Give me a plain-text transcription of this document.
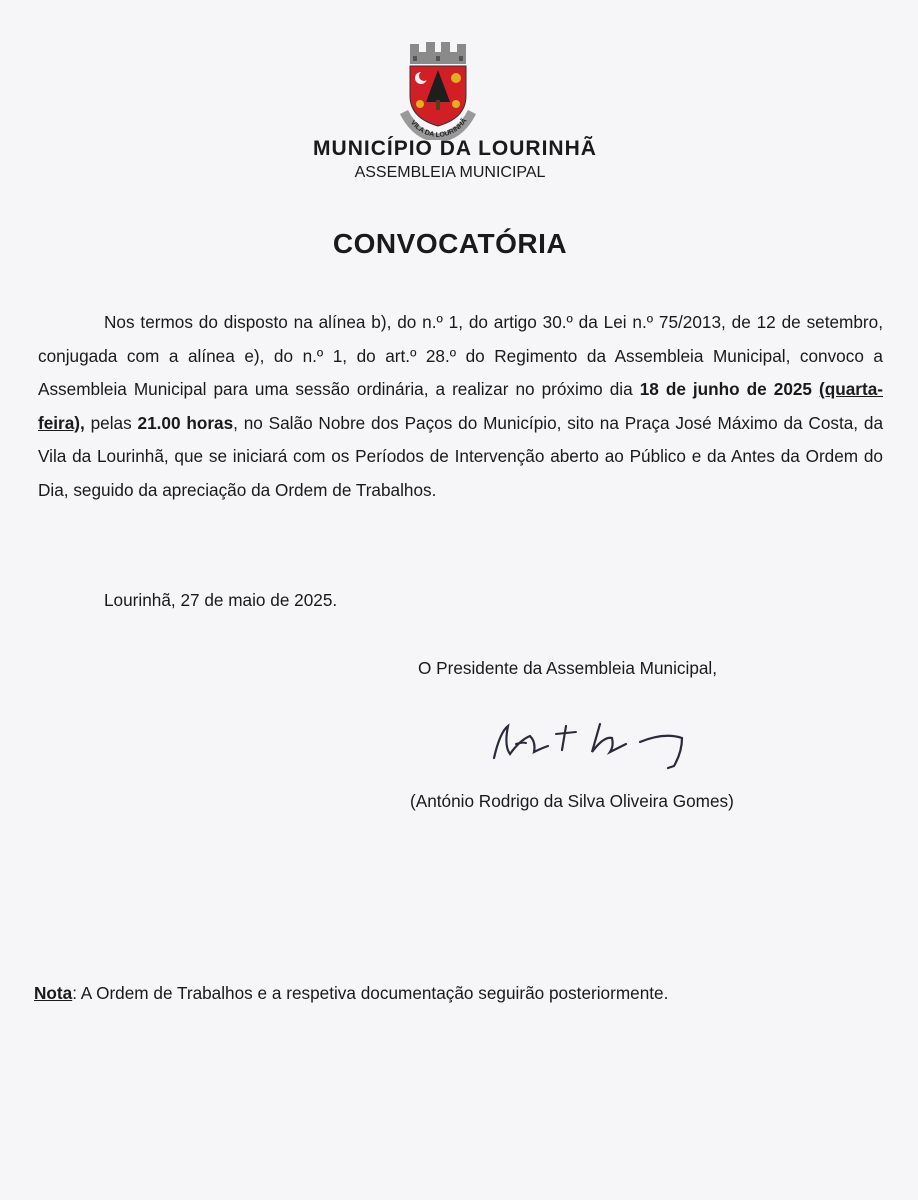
VILA DA LOURINHÃ
MUNICÍPIO DA LOURINHÃ
ASSEMBLEIA MUNICIPAL
CONVOCATÓRIA
Nos termos do disposto na alínea b), do n.º 1, do artigo 30.º da Lei n.º 75/2013, de 12 de setembro, conjugada com a alínea e), do n.º 1, do art.º 28.º do Regimento da Assembleia Municipal, convoco a Assembleia Municipal para uma sessão ordinária, a realizar no próximo dia 18 de junho de 2025 (quarta-feira), pelas 21.00 horas, no Salão Nobre dos Paços do Município, sito na Praça José Máximo da Costa, da Vila da Lourinhã, que se iniciará com os Períodos de Intervenção aberto ao Público e da Antes da Ordem do Dia, seguido da apreciação da Ordem de Trabalhos.
Lourinhã, 27 de maio de 2025.
O Presidente da Assembleia Municipal,
(António Rodrigo da Silva Oliveira Gomes)
Nota: A Ordem de Trabalhos e a respetiva documentação seguirão posteriormente.
